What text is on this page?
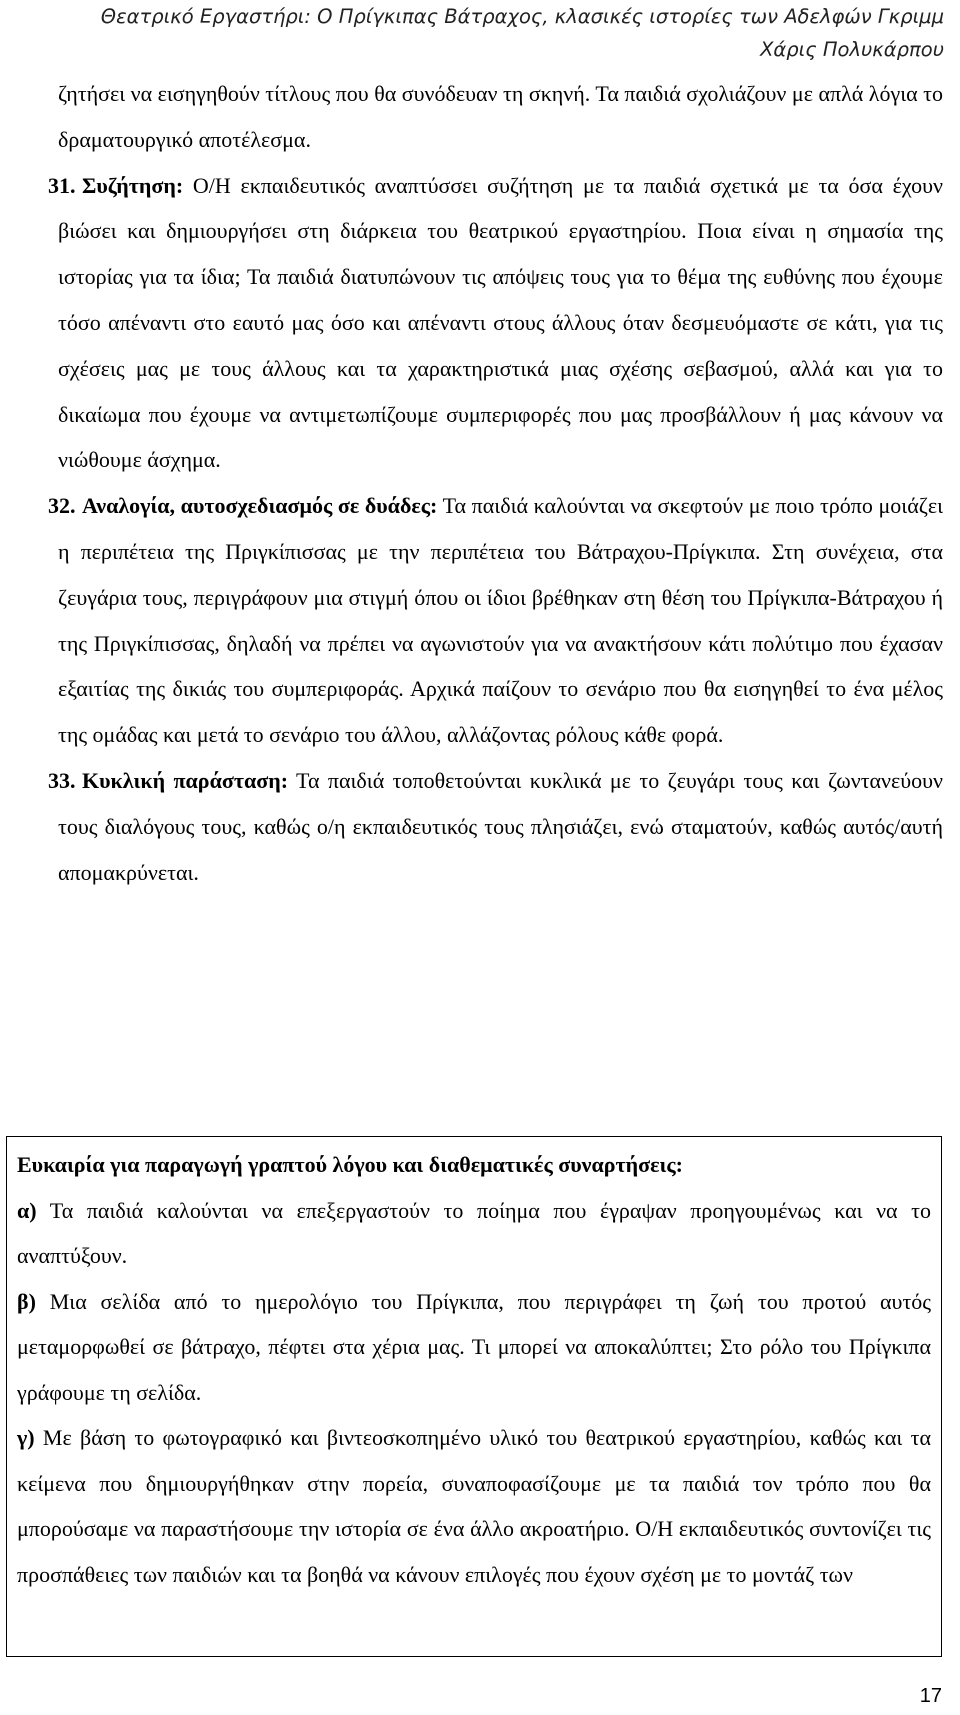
Θεατρικό Εργαστήρι: Ο Πρίγκιπας Βάτραχος, κλασικές ιστορίες των Αδελφών Γκριμμ
Χάρις Πολυκάρπου

ζητήσει να εισηγηθούν τίτλους που θα συνόδευαν τη σκηνή. Τα παιδιά σχολιάζουν με απλά λόγια το δραματουργικό αποτέλεσμα.

31. Συζήτηση: Ο/Η εκπαιδευτικός αναπτύσσει συζήτηση με τα παιδιά σχετικά με τα όσα έχουν βιώσει και δημιουργήσει στη διάρκεια του θεατρικού εργαστηρίου. Ποια είναι η σημασία της ιστορίας για τα ίδια; Τα παιδιά διατυπώνουν τις απόψεις τους για το θέμα της ευθύνης που έχουμε τόσο απέναντι στο εαυτό μας όσο και απέναντι στους άλλους όταν δεσμευόμαστε σε κάτι, για τις σχέσεις μας με τους άλλους και τα χαρακτηριστικά μιας σχέσης σεβασμού, αλλά και για το δικαίωμα που έχουμε να αντιμετωπίζουμε συμπεριφορές που μας προσβάλλουν ή μας κάνουν να νιώθουμε άσχημα.

32. Αναλογία, αυτοσχεδιασμός σε δυάδες: Τα παιδιά καλούνται να σκεφτούν με ποιο τρόπο μοιάζει η περιπέτεια της Πριγκίπισσας με την περιπέτεια του Βάτραχου-Πρίγκιπα. Στη συνέχεια, στα ζευγάρια τους, περιγράφουν μια στιγμή όπου οι ίδιοι βρέθηκαν στη θέση του Πρίγκιπα-Βάτραχου ή της Πριγκίπισσας, δηλαδή να πρέπει να αγωνιστούν για να ανακτήσουν κάτι πολύτιμο που έχασαν εξαιτίας της δικιάς του συμπεριφοράς. Αρχικά παίζουν το σενάριο που θα εισηγηθεί το ένα μέλος της ομάδας και μετά το σενάριο του άλλου, αλλάζοντας ρόλους κάθε φορά.

33. Κυκλική παράσταση: Τα παιδιά τοποθετούνται κυκλικά με το ζευγάρι τους και ζωντανεύουν τους διαλόγους τους, καθώς ο/η εκπαιδευτικός τους πλησιάζει, ενώ σταματούν, καθώς αυτός/αυτή απομακρύνεται.

Ευκαιρία για παραγωγή γραπτού λόγου και διαθεματικές συναρτήσεις:

α) Τα παιδιά καλούνται να επεξεργαστούν το ποίημα που έγραψαν προηγουμένως και να το αναπτύξουν.

β) Μια σελίδα από το ημερολόγιο του Πρίγκιπα, που περιγράφει τη ζωή του προτού αυτός μεταμορφωθεί σε βάτραχο, πέφτει στα χέρια μας. Τι μπορεί να αποκαλύπτει; Στο ρόλο του Πρίγκιπα γράφουμε τη σελίδα.

γ) Με βάση το φωτογραφικό και βιντεοσκοπημένο υλικό του θεατρικού εργαστηρίου, καθώς και τα κείμενα που δημιουργήθηκαν στην πορεία, συναποφασίζουμε με τα παιδιά τον τρόπο που θα μπορούσαμε να παραστήσουμε την ιστορία σε ένα άλλο ακροατήριο. Ο/Η εκπαιδευτικός συντονίζει τις προσπάθειες των παιδιών και τα βοηθά να κάνουν επιλογές που έχουν σχέση με το μοντάζ των

17
